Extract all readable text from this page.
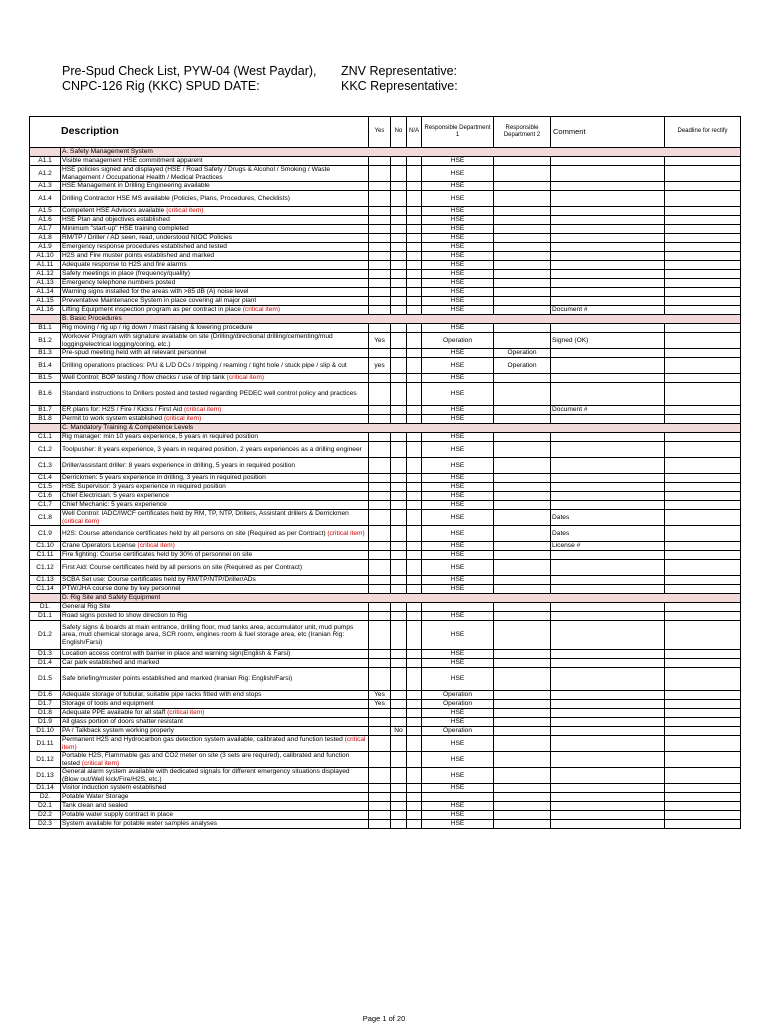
Pre-Spud Check List, PYW-04 (West Paydar),
CNPC-126 Rig (KKC) SPUD DATE:
ZNV Representative:
KKC Representative:
Description		Yes	No	N/A	Responsible Department 1	Responsible Department 2	Comment	Deadline for rectify
	A. Safety Management System							
A1.1	Visible management HSE commitment apparent				HSE			
A1.2	HSE policies signed and displayed (HSE / Road Safety / Drugs & Alcohol / Smoking / Waste Management / Occupational Health / Medical Practices				HSE			
A1.3	HSE Management in Drilling Engineering available				HSE			
A1.4	Drilling Contractor HSE MS available (Policies, Plans, Procedures, Checklists)				HSE			
A1.5	Competent HSE Advisors available (critical item)				HSE			
A1.6	HSE Plan and objectives established				HSE			
A1.7	Minimum "start-up" HSE training completed				HSE			
A1.8	RM/TP / Driller / AD seen, read, understood NIOC Policies				HSE			
A1.9	Emergency response procedures established and tested				HSE			
A1.10	H2S and Fire muster points established and marked				HSE			
A1.11	Adequate response to H2S and fire alarms				HSE			
A1.12	Safety meetings in place (frequency/quality)				HSE			
A1.13	Emergency telephone numbers posted				HSE			
A1.14	Warning signs installed for the areas with >85 dB (A) noise level				HSE			
A1.15	Preventative Maintenance System in place covering all major plant				HSE			
A1.16	Lifting Equipment inspection program as per contract in place (critical item)				HSE		Document #	
	B. Basic Procedures							
B1.1	Rig moving / rig up / rig down / mast raising & lowering procedure				HSE			
B1.2	Workover Program with signature available on site (Drilling/directional drilling/cementing/mud logging/electrical logging/coring, etc.)	Yes			Operation		Signed (OK)	
B1.3	Pre-spud meeting held with all relevant personnel				HSE	Operation		
B1.4	Drilling operations practices: P/U & L/D DCs / tripping / reaming / tight hole / stuck pipe / slip & cut	yes			HSE	Operation		
B1.5	Well Control: BOP testing / flow checks / use of trip tank (critical item)				HSE			
B1.6	Standard instructions to Drillers posted and tested regarding PEDEC well control policy and practices				HSE			
B1.7	ER plans for: H2S / Fire / Kicks / First Aid (critical item)				HSE		Document #	
B1.8	Permit to work system established (critical item)				HSE			
	C. Mandatory Training & Competence Levels							
C1.1	Rig manager: min 10 years experience, 5 years in required position				HSE			
C1.2	Toolpusher: 8 years experience, 3 years in required position, 2 years experiences as a drilling engineer				HSE			
C1.3	Driller/assistant driller: 8 years experience in drilling, 5 years in required position				HSE			
C1.4	Derrickmen: 5 years experience in drilling, 3 years in required position				HSE			
C1.5	HSE Supervisor: 3 years experience in required position				HSE			
C1.6	Chief Electrician: 5 years experience				HSE			
C1.7	Chief Mechanic: 5 years experience				HSE			
C1.8	Well Control: IADC/IWCF certificates held by RM, TP, NTP, Drillers, Assistant drillers & Derrickmen (critical item)				HSE		Dates	
C1.9	H2S: Course attendance certificates held by all persons on site (Required as per Contract) (critical item)				HSE		Dates	
C1.10	Crane Operators License (critical item)				HSE		License #	
C1.11	Fire fighting: Course certificates held by 30% of personnel on site				HSE			
C1.12	First Aid: Course certificates held by all persons on site (Required as per Contract)				HSE			
C1.13	SCBA Set use: Course certificates held by RM/TP/NTP/Driller/ADs				HSE			
C1.14	PTW/JHA course done by key personnel				HSE			
	D. Rig Site and Safety Equipment							
D1.	General Rig Site							
D1.1	Road signs posted to show direction to Rig				HSE			
D1.2	Safety signs & boards at main entrance, drilling floor, mud tanks area, accumulator unit, mud pumps area, mud chemical storage area, SCR room, engines room & fuel storage area, etc (Iranian Rig: English/Farsi)				HSE			
D1.3	Location access control with barrier in place and warning sign(English & Farsi)				HSE			
D1.4	Car park established and marked				HSE			
D1.5	Safe briefing/muster points established and marked (Iranian Rig: English/Farsi)				HSE			
D1.6	Adequate storage of tubular, suitable pipe racks fitted with end stops	Yes			Operation			
D1.7	Storage of tools and equipment	Yes			Operation			
D1.8	Adequate PPE available for all staff (critical item)				HSE			
D1.9	All glass portion of doors shatter resistant				HSE			
D1.10	PA / Talkback system working properly		No		Operation			
D1.11	Permanent H2S and Hydrocarbon gas detection system available, calibrated and function tested (critical item)				HSE			
D1.12	Portable H2S, Flammable gas and CO2 meter on site (3 sets are required), calibrated and function tested (critical item)				HSE			
D1.13	General alarm system available with dedicated signals for different emergency situations displayed (Blow out/Well kick/Fire/H2S, etc.)				HSE			
D1.14	Visitor induction system established				HSE			
D2.	Potable Water Storage							
D2.1	Tank clean and sealed				HSE			
D2.2	Potable water supply contract in place				HSE			
D2.3	System available for potable water samples analyses				HSE			
Page 1 of 20
